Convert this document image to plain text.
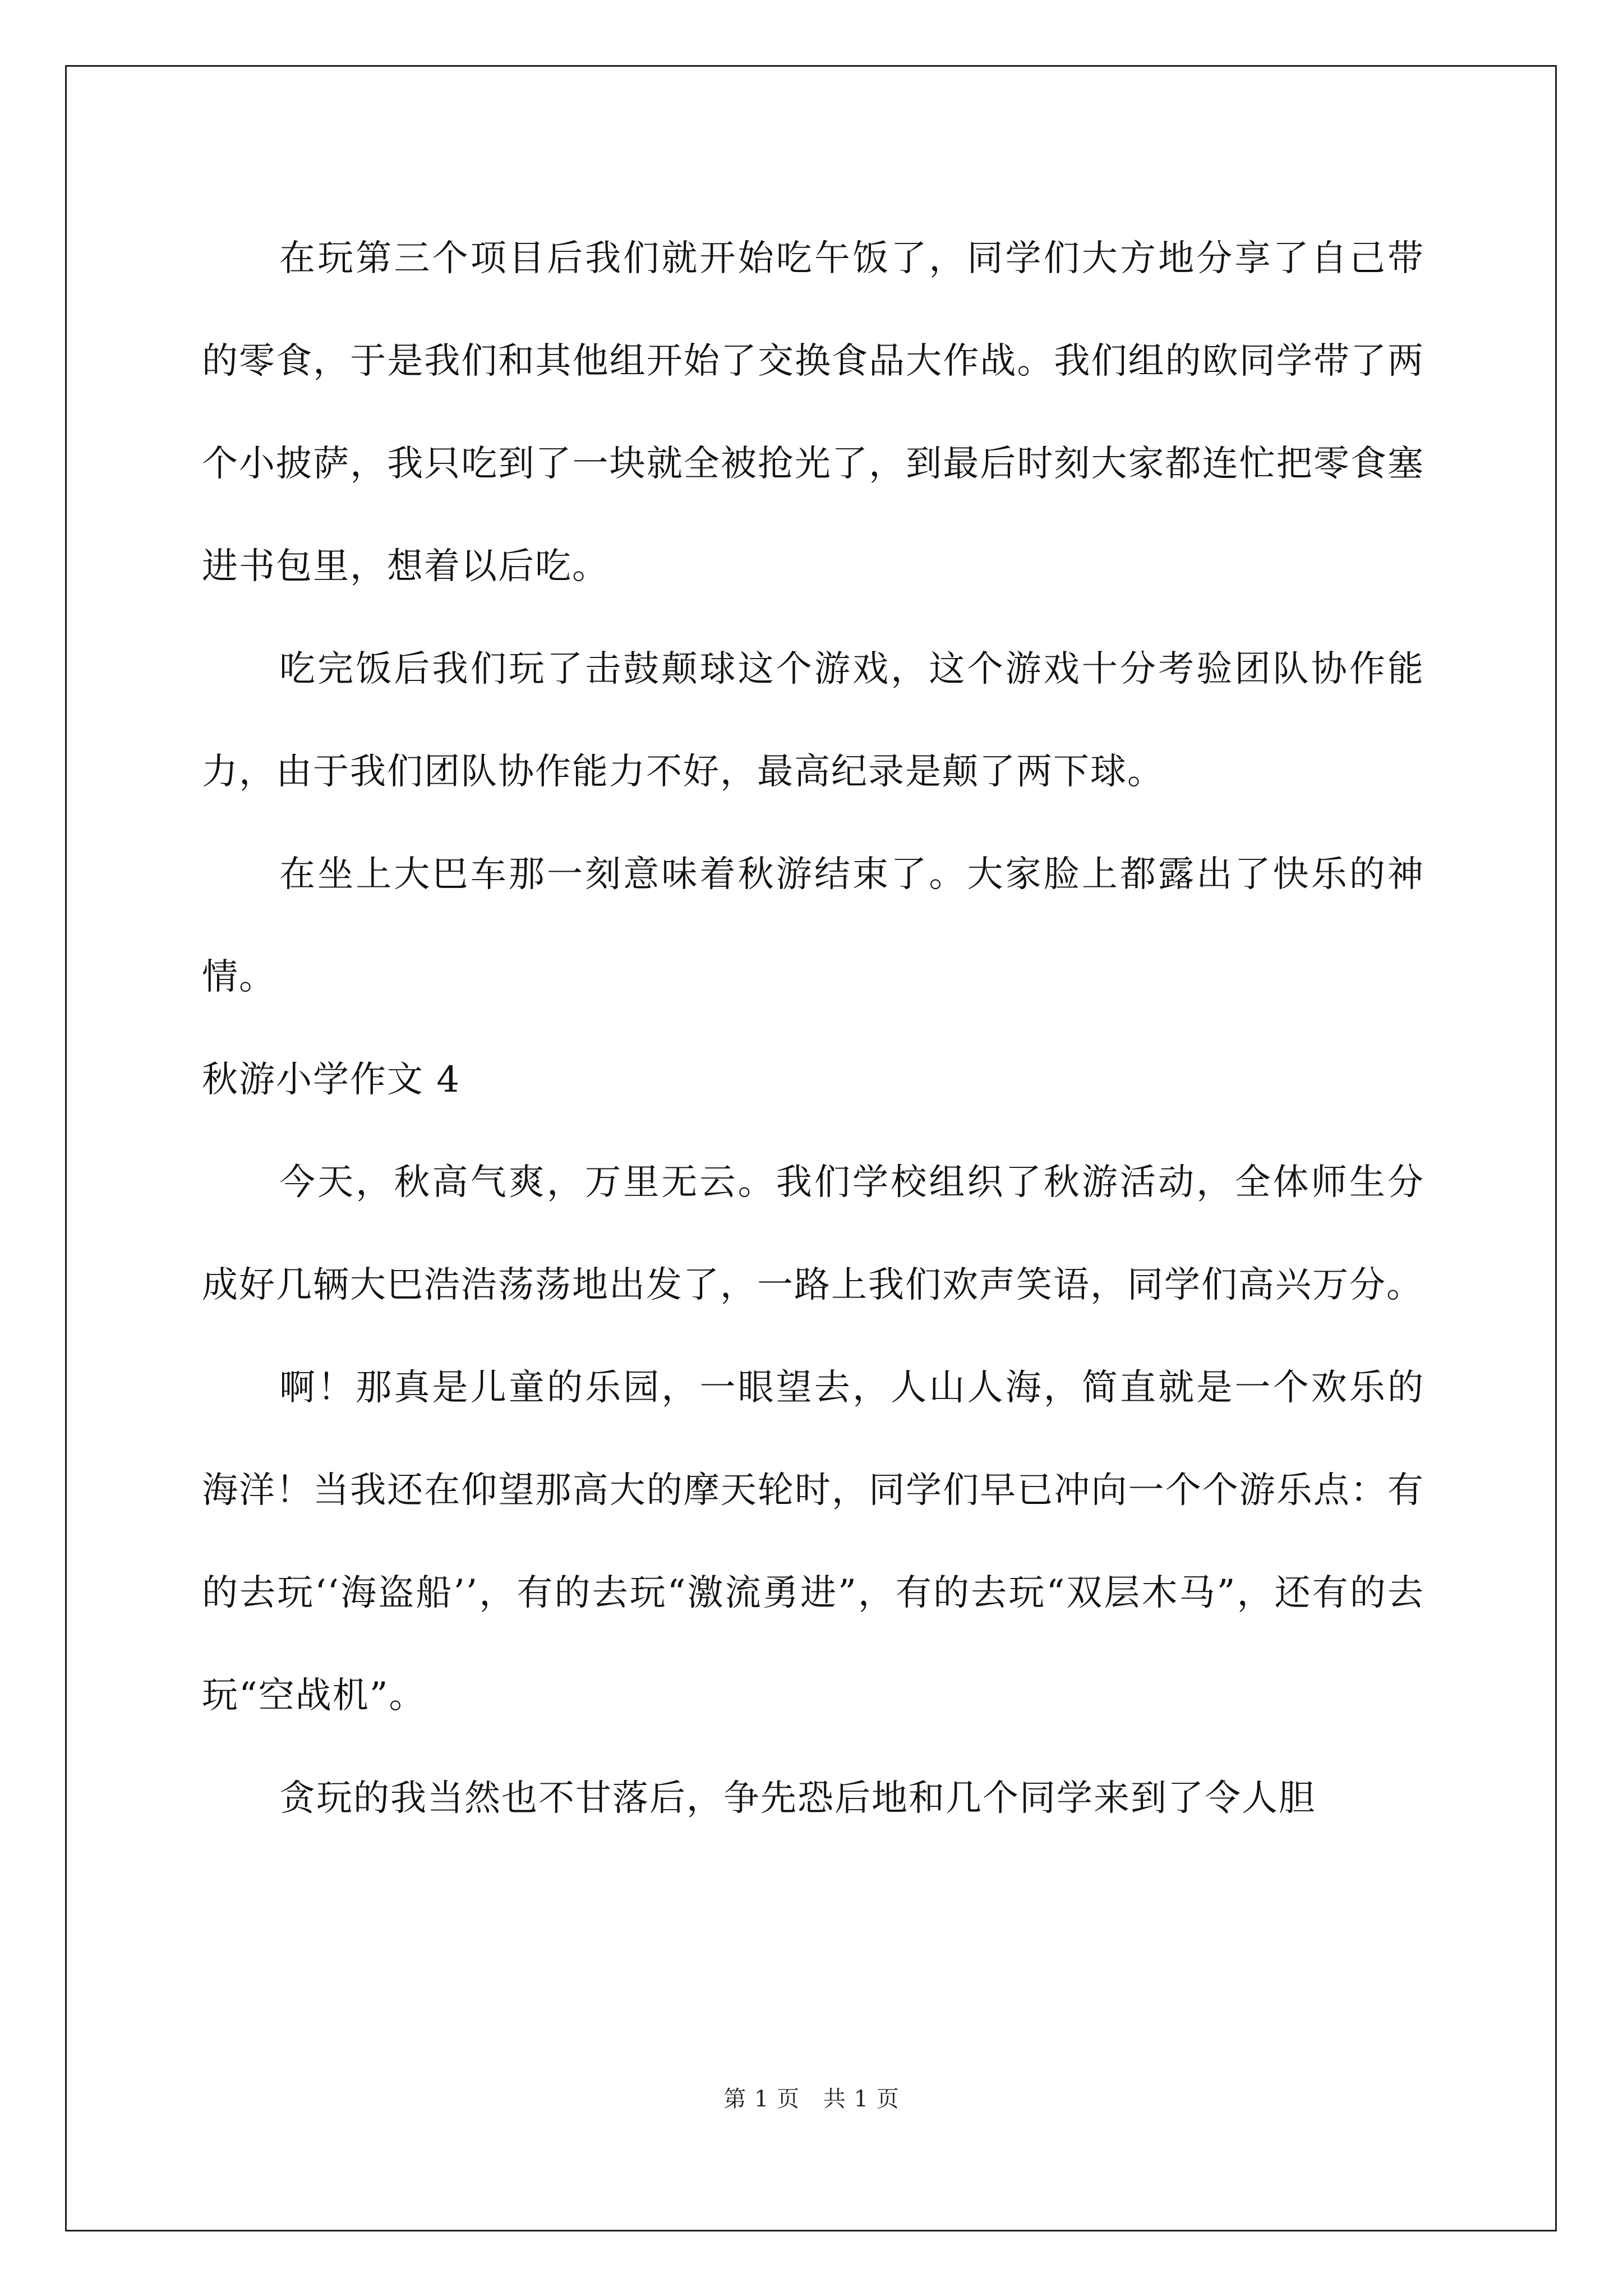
在玩第三个项目后我们就开始吃午饭了，同学们大方地分享了自己带的零食，于是我们和其他组开始了交换食品大作战。我们组的欧同学带了两个小披萨，我只吃到了一块就全被抢光了，到最后时刻大家都连忙把零食塞进书包里，想着以后吃。

吃完饭后我们玩了击鼓颠球这个游戏，这个游戏十分考验团队协作能力，由于我们团队协作能力不好，最高纪录是颠了两下球。

在坐上大巴车那一刻意味着秋游结束了。大家脸上都露出了快乐的神情。

秋游小学作文 4

今天，秋高气爽，万里无云。我们学校组织了秋游活动，全体师生分成好几辆大巴浩浩荡荡地出发了，一路上我们欢声笑语，同学们高兴万分。

啊！那真是儿童的乐园，一眼望去，人山人海，简直就是一个欢乐的海洋！当我还在仰望那高大的摩天轮时，同学们早已冲向一个个游乐点：有的去玩‘‘海盗船’’，有的去玩“激流勇进”，有的去玩“双层木马”，还有的去玩“空战机”。

贪玩的我当然也不甘落后，争先恐后地和几个同学来到了令人胆

第 1 页 共 1 页
